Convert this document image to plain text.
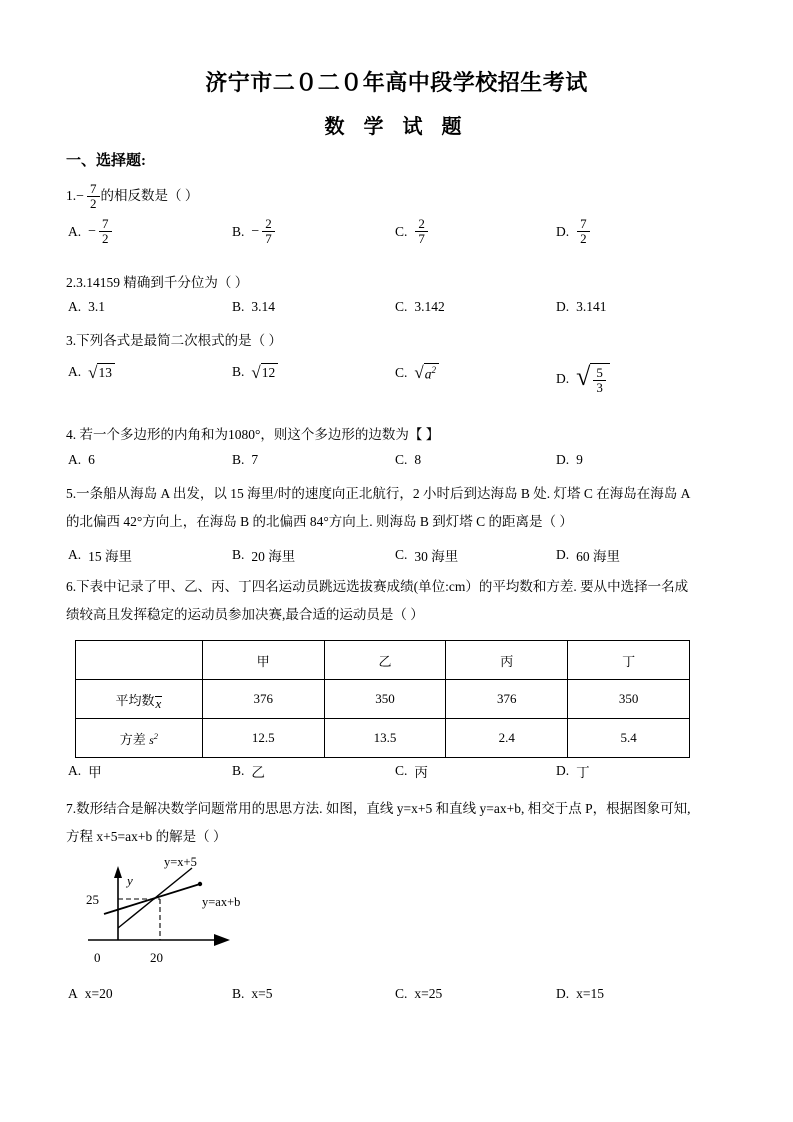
济宁市二０二０年高中段学校招生考试
数 学 试 题
一、选择题:
$1.- \frac{7}{2}$ 的相反数是（ ）
A. − $\frac{7}{2}$	B. − $\frac{2}{7}$	C. $\frac{2}{7}$	D. $\frac{7}{2}$
2.3.14159 精确到千分位为（ ）
A. 3.1	B. 3.14	C. 3.142	D. 3.141
3.下列各式是最简二次根式的是（ ）
A. √ 13	B. √ 12	C. √ $a^2$
D. √ $\frac{5}{3}$
4. 若一个多边形的内角和为1080°，则这个多边形的边数为【 】
A. 6	B. 7	C. 8	D. 9
5.一条船从海岛 A 出发，以 15 海里/时的速度向正北航行，2 小时后到达海岛 B 处. 灯塔 C 在海岛在海岛 A
的北偏西 42°方向上，在海岛 B 的北偏西 84°方向上. 则海岛 B 到灯塔 C 的距离是（ ）
A. 15 海里	B. 20 海里	C. 30 海里	D. 60 海里
6.下表中记录了甲、乙、丙、丁四名运动员跳远选拔赛成绩(单位:cm）的平均数和方差. 要从中选择一名成
绩较高且发挥稳定的运动员参加决赛,最合适的运动员是（ ）
	甲	乙	丙	丁
平均数x	376	350	376	350
方差 $s^2$	12.5	13.5	2.4	5.4
A. 甲	B. 乙	C. 丙	D. 丁
7.数形结合是解决数学问题常用的思思方法. 如图，直线 y=x+5 和直线 y=ax+b, 相交于点 P，根据图象可知,
方程 x+5=ax+b 的解是（ ）
y
25
0	20
y=x+5
y=ax+b
A x=20	B. x=5	C. x=25	D. x=15
